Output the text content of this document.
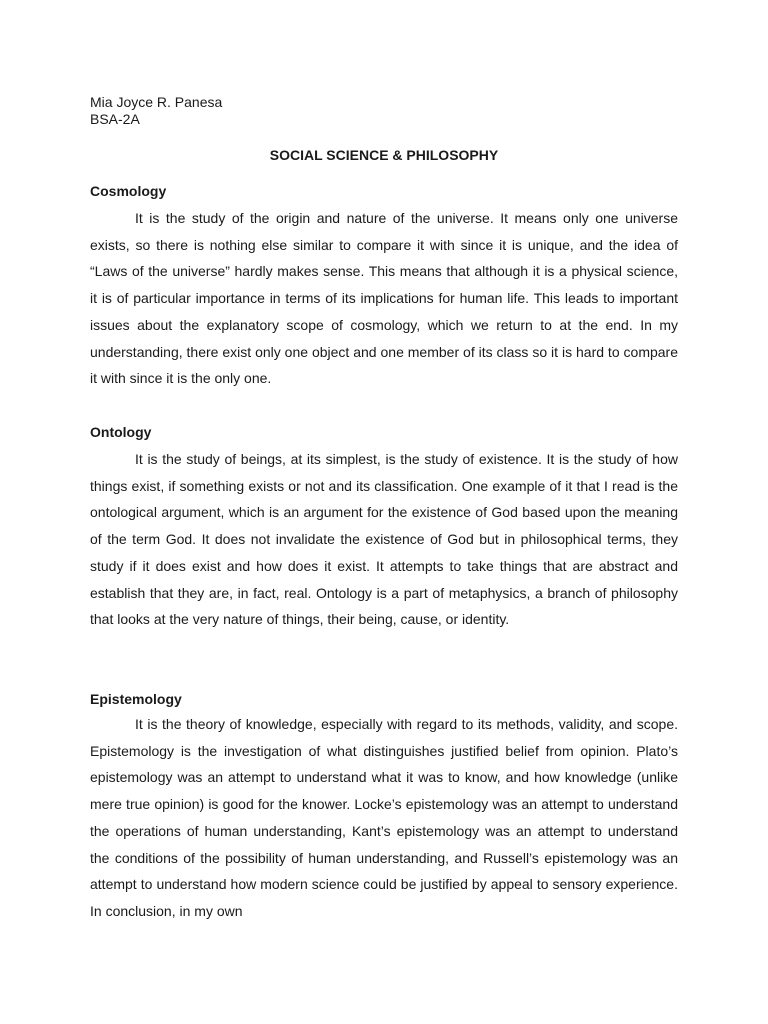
Mia Joyce R. Panesa
BSA-2A
SOCIAL SCIENCE & PHILOSOPHY
Cosmology

It is the study of the origin and nature of the universe. It means only one universe exists, so there is nothing else similar to compare it with since it is unique, and the idea of “Laws of the universe” hardly makes sense. This means that although it is a physical science, it is of particular importance in terms of its implications for human life. This leads to important issues about the explanatory scope of cosmology, which we return to at the end. In my understanding, there exist only one object and one member of its class so it is hard to compare it with since it is the only one.

Ontology

It is the study of beings, at its simplest, is the study of existence. It is the study of how things exist, if something exists or not and its classification. One example of it that I read is the ontological argument, which is an argument for the existence of God based upon the meaning of the term God. It does not invalidate the existence of God but in philosophical terms, they study if it does exist and how does it exist. It attempts to take things that are abstract and establish that they are, in fact, real. Ontology is a part of metaphysics, a branch of philosophy that looks at the very nature of things, their being, cause, or identity.

Epistemology

It is the theory of knowledge, especially with regard to its methods, validity, and scope. Epistemology is the investigation of what distinguishes justified belief from opinion. Plato’s epistemology was an attempt to understand what it was to know, and how knowledge (unlike mere true opinion) is good for the knower. Locke’s epistemology was an attempt to understand the operations of human understanding, Kant’s epistemology was an attempt to understand the conditions of the possibility of human understanding, and Russell’s epistemology was an attempt to understand how modern science could be justified by appeal to sensory experience. In conclusion, in my own
